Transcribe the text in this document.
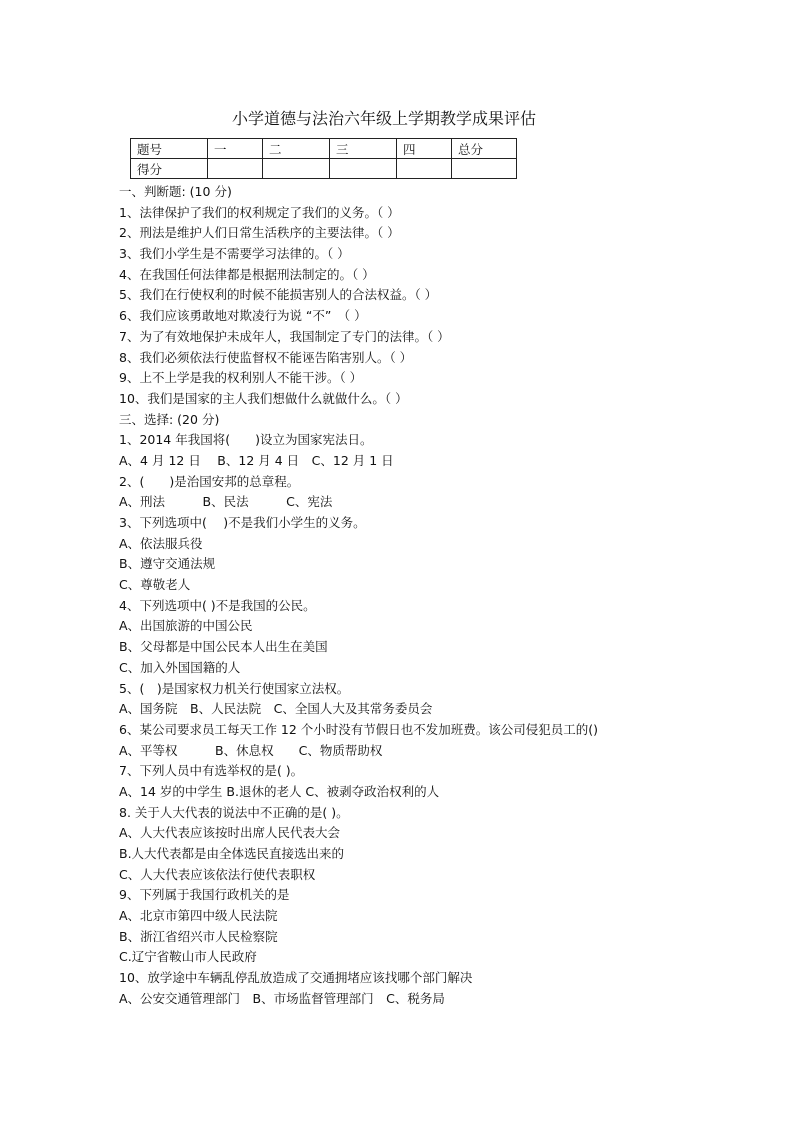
小学道德与法治六年级上学期教学成果评估
题号	一	二	三	四	总分
得分					
一、判断题: (10 分)
1、法律保护了我们的权利规定了我们的义务。（ ）
2、刑法是维护人们日常生活秩序的主要法律。（ ）
3、我们小学生是不需要学习法律的。（ ）
4、在我国任何法律都是根据刑法制定的。（ ）
5、我们在行使权利的时候不能损害别人的合法权益。（ ）
6、我们应该勇敢地对欺凌行为说 “不”　（ ）
7、为了有效地保护未成年人，我国制定了专门的法律。（ ）
8、我们必须依法行使监督权不能诬告陷害别人。（ ）
9、上不上学是我的权利别人不能干涉。（ ）
10、我们是国家的主人我们想做什么就做什么。（ ）
三、选择: (20 分)
1、2014 年我国将(　　)设立为国家宪法日。
A、4 月 12 日　 B、12 月 4 日　C、12 月 1 日
2、(　　)是治国安邦的总章程。
A、刑法　　　B、民法　　　C、宪法
3、下列选项中(　 )不是我们小学生的义务。
A、依法服兵役
B、遵守交通法规
C、尊敬老人
4、下列选项中( )不是我国的公民。
A、出国旅游的中国公民
B、父母都是中国公民本人出生在美国
C、加入外国国籍的人
5、(　)是国家权力机关行使国家立法权。
A、国务院　B、人民法院　C、全国人大及其常务委员会
6、某公司要求员工每天工作 12 个小时没有节假日也不发加班费。该公司侵犯员工的()
A、平等权　　　B、休息权　　C、物质帮助权
7、下列人员中有选举权的是( )。
A、14 岁的中学生 B.退休的老人 C、被剥夺政治权利的人
8. 关于人大代表的说法中不正确的是( )。
A、人大代表应该按时出席人民代表大会
B.人大代表都是由全体选民直接选出来的
C、人大代表应该依法行使代表职权
9、下列属于我国行政机关的是
A、北京市第四中级人民法院
B、浙江省绍兴市人民检察院
C.辽宁省鞍山市人民政府
10、放学途中车辆乱停乱放造成了交通拥堵应该找哪个部门解决
A、公安交通管理部门　B、市场监督管理部门　C、税务局
